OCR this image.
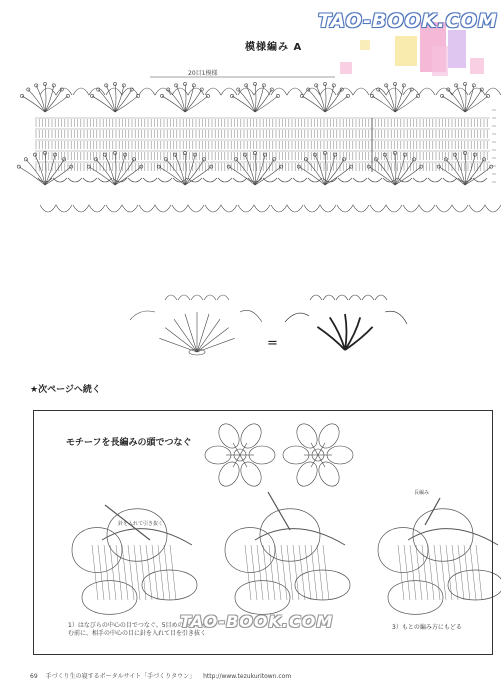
TAO-BOOK.COM
模様編み A
20目1模様
=
★次ページへ続く
モチーフを長編みの頭でつなぐ
針を入れて引き抜く
長編み
1）はなびらの中心の目でつなぐ。5目めの長編みを編む前に、相手の中心の目に針を入れて目を引き抜く
3）もとの編み方にもどる
TAO-BOOK.COM
69 手づくり生の寝するポータルサイト「手づくりタウン」 http://www.tezukuritown.com
